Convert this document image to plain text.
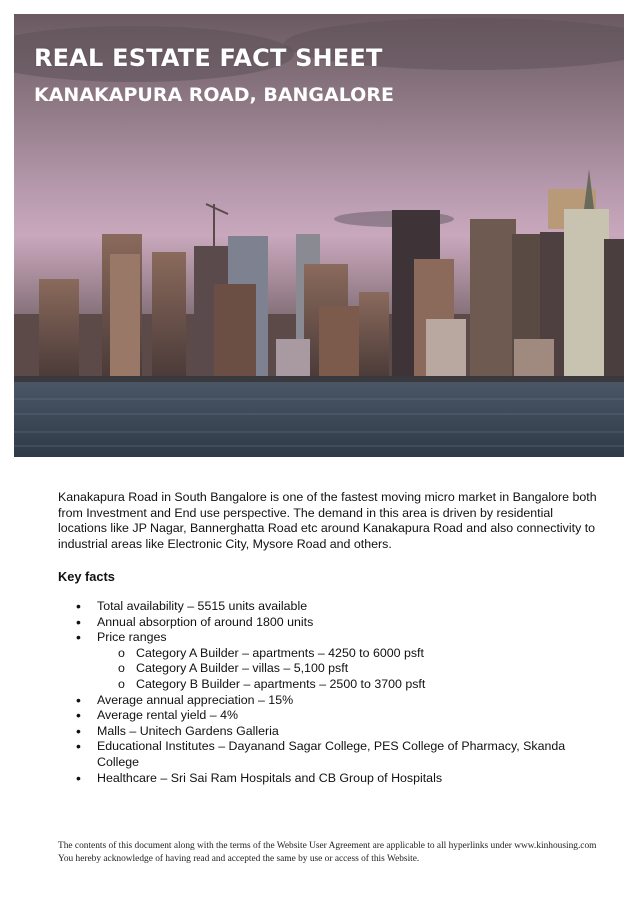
REAL ESTATE FACT SHEET
KANAKAPURA ROAD, BANGALORE

Kanakapura Road in South Bangalore is one of the fastest moving micro market in Bangalore both from Investment and End use perspective. The demand in this area is driven by residential locations like JP Nagar, Bannerghatta Road etc around Kanakapura Road and also connectivity to industrial areas like Electronic City, Mysore Road and others.

Key facts

• Total availability – 5515 units available
• Annual absorption of around 1800 units
• Price ranges
o Category A Builder – apartments – 4250 to 6000 psft
o Category A Builder – villas – 5,100 psft
o Category B Builder – apartments – 2500 to 3700 psft
• Average annual appreciation – 15%
• Average rental yield – 4%
• Malls – Unitech Gardens Galleria
• Educational Institutes – Dayanand Sagar College, PES College of Pharmacy, Skanda College
• Healthcare – Sri Sai Ram Hospitals and CB Group of Hospitals

The contents of this document along with the terms of the Website User Agreement are applicable to all hyperlinks under www.kinhousing.com You hereby acknowledge of having read and accepted the same by use or access of this Website.
